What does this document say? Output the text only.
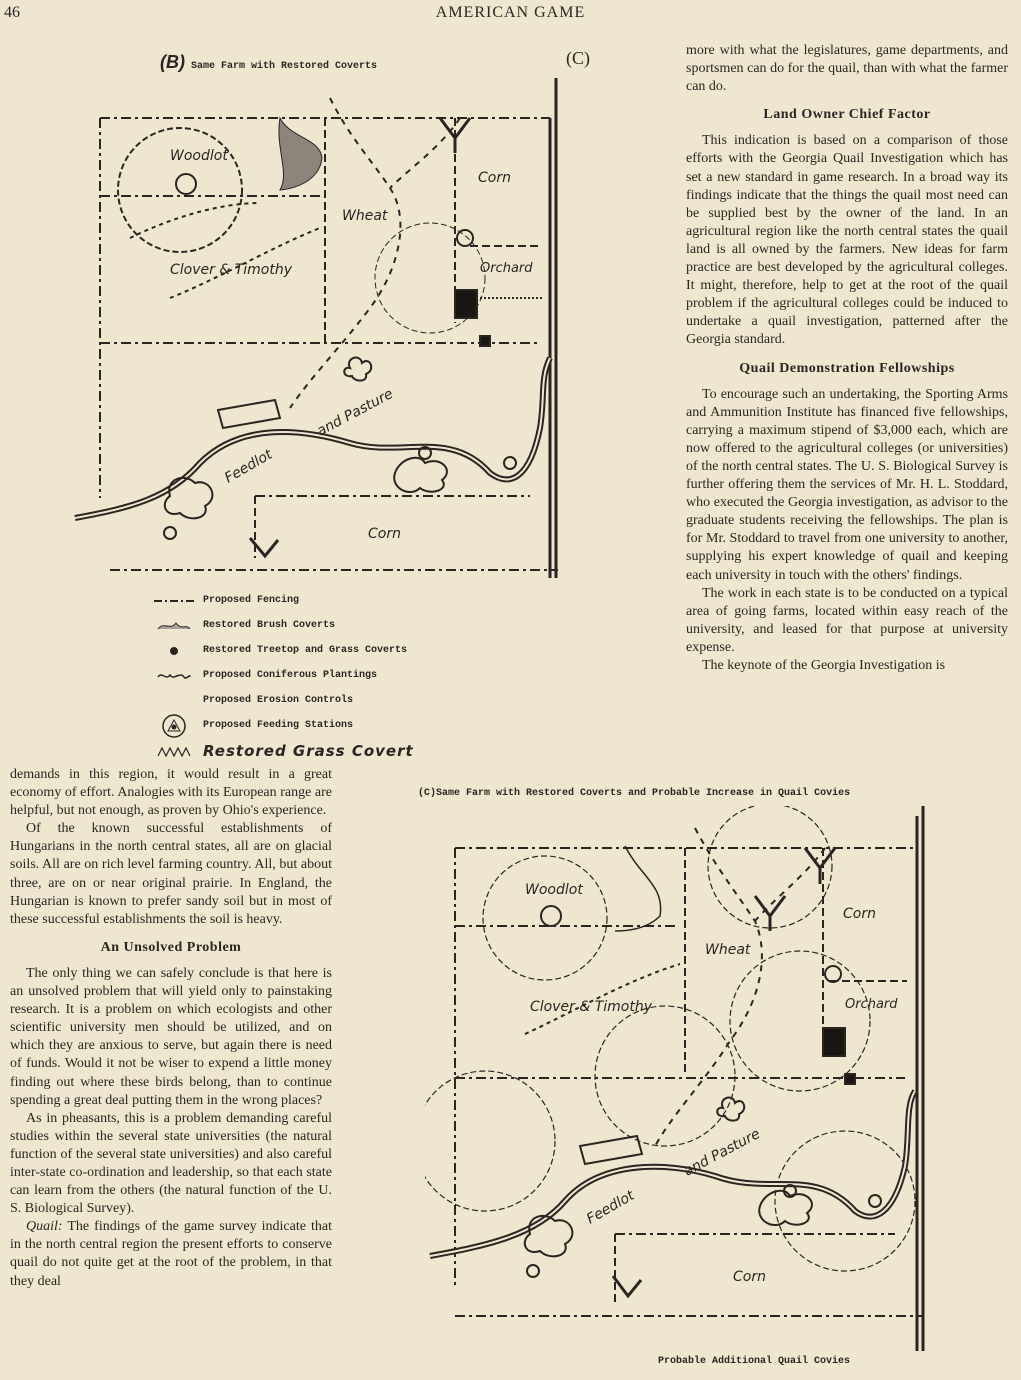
46	AMERICAN GAME
(B) Same Farm with Restored Coverts	(C)
Woodlot
Corn
Wheat
Clover & Timothy	Orchard
and Pasture
Feedlot
Corn
Proposed Fencing
Restored Brush Coverts
Restored Treetop and Grass Coverts
Proposed Coniferous Plantings
Proposed Erosion Controls
Proposed Feeding Stations
Restored Grass Covert

more with what the legislatures, game departments, and sportsmen can do for the quail, than with what the farmer can do.

Land Owner Chief Factor

This indication is based on a comparison of those efforts with the Georgia Quail Investigation which has set a new standard in game research. In a broad way its findings indicate that the things the quail most need can be supplied best by the owner of the land. In an agricultural region like the north central states the quail land is all owned by the farmers. New ideas for farm practice are best developed by the agricultural colleges. It might, therefore, help to get at the root of the quail problem if the agricultural colleges could be induced to undertake a quail investigation, patterned after the Georgia standard.

Quail Demonstration Fellowships

To encourage such an undertaking, the Sporting Arms and Ammunition Institute has financed five fellowships, carrying a maximum stipend of $3,000 each, which are now offered to the agricultural colleges (or universities) of the north central states. The U. S. Biological Survey is further offering them the services of Mr. H. L. Stoddard, who executed the Georgia investigation, as advisor to the graduate students receiving the fellowships. The plan is for Mr. Stoddard to travel from one university to another, supplying his expert knowledge of quail and keeping each university in touch with the others' findings.

The work in each state is to be conducted on a typical area of going farms, located within easy reach of the university, and leased for that purpose at university expense.

The keynote of the Georgia Investigation is

(C)Same Farm with Restored Coverts and Probable Increase in Quail Covies
Woodlot
Corn
Wheat
Clover & Timothy	Orchard
and Pasture
Feedlot
Corn
Probable Additional Quail Covies

demands in this region, it would result in a great economy of effort. Analogies with its European range are helpful, but not enough, as proven by Ohio's experience.

Of the known successful establishments of Hungarians in the north central states, all are on glacial soils. All are on rich level farming country. All, but about three, are on or near original prairie. In England, the Hungarian is known to prefer sandy soil but in most of these successful establishments the soil is heavy.

An Unsolved Problem

The only thing we can safely conclude is that here is an unsolved problem that will yield only to painstaking research. It is a problem on which ecologists and other scientific university men should be utilized, and on which they are anxious to serve, but again there is need of funds. Would it not be wiser to expend a little money finding out where these birds belong, than to continue spending a great deal putting them in the wrong places?

As in pheasants, this is a problem demanding careful studies within the several state universities (the natural function of the several state universities) and also careful inter-state co-ordination and leadership, so that each state can learn from the others (the natural function of the U. S. Biological Survey).

Quail: The findings of the game survey indicate that in the north central region the present efforts to conserve quail do not quite get at the root of the problem, in that they deal
